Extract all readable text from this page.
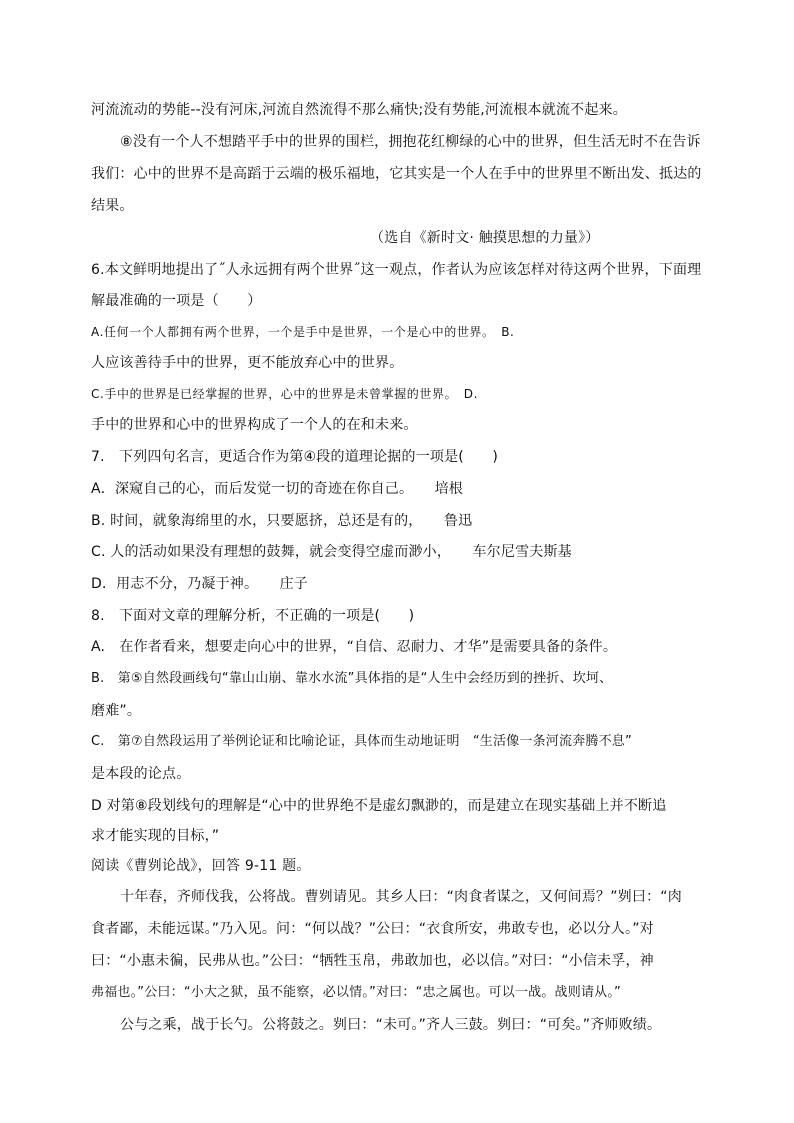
河流流动的势能--没有河床,河流自然流得不那么痛快;没有势能,河流根本就流不起来。
⑧没有一个人不想踏平手中的世界的围栏，拥抱花红柳绿的心中的世界，但生活无时不在告诉
我们：心中的世界不是高蹈于云端的极乐福地，它其实是一个人在手中的世界里不断出发、抵达的
结果。
（选自《新时文· 触摸思想的力量》）
6.本文鲜明地提出了˝人永远拥有两个世界˝这一观点，作者认为应该怎样对待这两个世界，下面理
解最准确的一项是（　　）
A.任何一个人都拥有两个世界，一个是手中是世界，一个是心中的世界。　B.
人应该善待手中的世界，更不能放弃心中的世界。
C.手中的世界是已经掌握的世界，心中的世界是未曾掌握的世界。　D.
手中的世界和心中的世界构成了一个人的在和未来。
7.　下列四句名言，更适合作为第④段的道理论据的一项是(　　)
A．深窥自己的心，而后发觉一切的奇迹在你自己。　　培根
B. 时间，就象海绵里的水，只要愿挤，总还是有的，　　鲁迅
C. 人的活动如果没有理想的鼓舞，就会变得空虚而渺小，　　车尔尼雪夫斯基
D．用志不分，乃凝于神。　　庄子
8.　下面对文章的理解分析，不正确的一项是(　　)
A.　在作者看来，想要走向心中的世界，“自信、忍耐力、才华”是需要具备的条件。
B.　第⑤自然段画线句“靠山山崩、靠水水流”具体指的是“人生中会经历到的挫折、坎坷、
磨难”。
C.　第⑦自然段运用了举例论证和比喻论证，具体而生动地证明　“生活像一条河流奔腾不息”
是本段的论点。
D 对第⑧段划线句的理解是“心中的世界绝不是虚幻飘渺的，而是建立在现实基础上并不断追
求才能实现的目标，”
阅读《曹刿论战》，回答 9-11 题。
十年春，齐师伐我，公将战。曹刿请见。其乡人曰：“肉食者谋之，又何间焉？”刿曰：“肉
食者鄙，未能远谋。”乃入见。问：“何以战？”公曰：“衣食所安，弗敢专也，必以分人。”对
曰：“小惠未徧，民弗从也。”公曰：“牺牲玉帛，弗敢加也，必以信。”对曰：“小信未孚，神
弗福也。”公曰：“小大之狱，虽不能察，必以情。”对曰：“忠之属也。可以一战。战则请从。”
公与之乘，战于长勺。公将鼓之。刿曰：“未可。”齐人三鼓。刿曰：“可矣。”齐师败绩。
